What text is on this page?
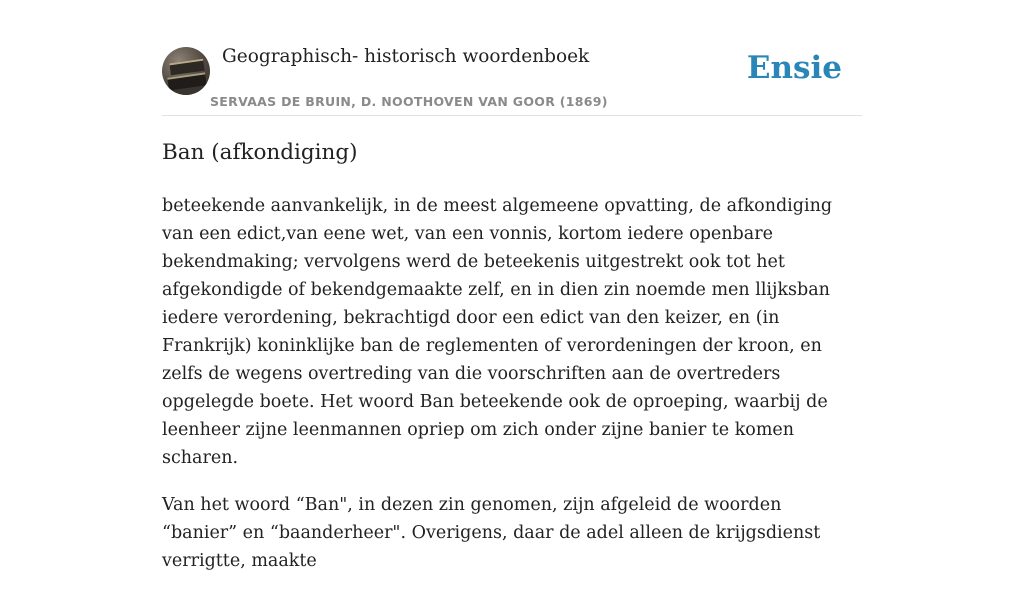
Geographisch- historisch woordenboek
SERVAAS DE BRUIN, D. NOOTHOVEN VAN GOOR (1869)
Ensie
Ban (afkondiging)

beteekende aanvankelijk, in de meest algemeene opvatting, de afkondiging van een edict,van eene wet, van een vonnis, kortom iedere openbare bekendmaking; vervolgens werd de beteekenis uitgestrekt ook tot het afgekondigde of bekendgemaakte zelf, en in dien zin noemde men llijksban iedere verordening, bekrachtigd door een edict van den keizer, en (in Frankrijk) koninklijke ban de reglementen of verordeningen der kroon, en zelfs de wegens overtreding van die voorschriften aan de overtreders opgelegde boete. Het woord Ban beteekende ook de oproeping, waarbij de leenheer zijne leenmannen opriep om zich onder zijne banier te komen scharen.

Van het woord “Ban", in dezen zin genomen, zijn afgeleid de woorden “banier” en “baanderheer". Overigens, daar de adel alleen de krijgsdienst verrigtte, maakte
